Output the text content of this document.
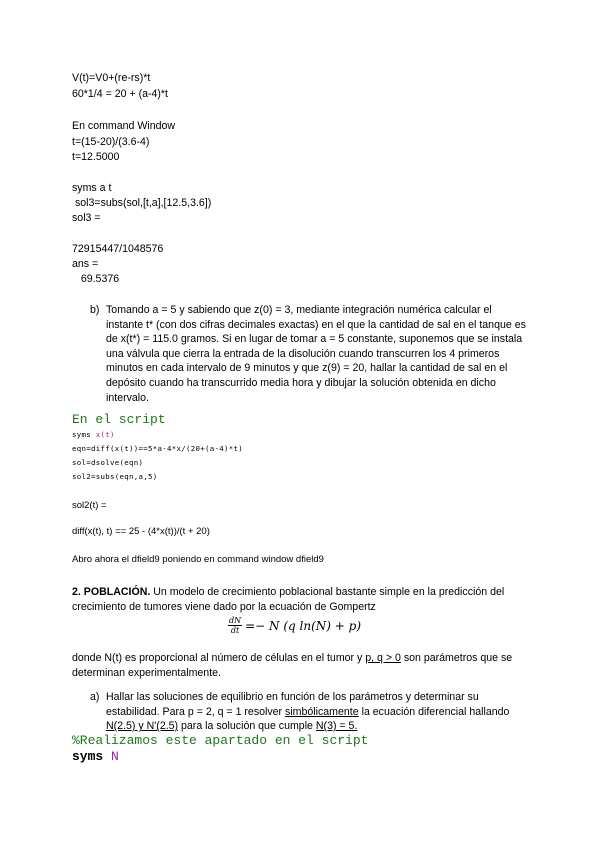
V(t)=V0+(re-rs)*t
60*1/4 = 20 + (a-4)*t
En command Window
t=(15-20)/(3.6-4)
t=12.5000
syms a t
sol3=subs(sol,[t,a],[12.5,3.6])
sol3 =
72915447/1048576
ans =
69.5376
b) Tomando a = 5 y sabiendo que z(0) = 3, mediante integración numérica calcular el instante t* (con dos cifras decimales exactas) en el que la cantidad de sal en el tanque es de x(t*) = 115.0 gramos. Si en lugar de tomar a = 5 constante, suponemos que se instala una válvula que cierra la entrada de la disolución cuando transcurren los 4 primeros minutos en cada intervalo de 9 minutos y que z(9) = 20, hallar la cantidad de sal en el depósito cuando ha transcurrido media hora y dibujar la solución obtenida en dicho intervalo.
En el script
syms x(t)
eqn=diff(x(t))==5*a-4*x/(20+(a-4)*t)
sol=dsolve(eqn)
sol2=subs(eqn,a,5)
sol2(t) =
diff(x(t), t) == 25 - (4*x(t))/(t + 20)
Abro ahora el dfield9 poniendo en command window dfield9
2. POBLACIÓN. Un modelo de crecimiento poblacional bastante simple en la predicción del crecimiento de tumores viene dado por la ecuación de Gompertz
$\frac{dN}{dt} =- N$ (q ln(N) + p)
donde N(t) es proporcional al número de células en el tumor y p, q > 0 son parámetros que se determinan experimentalmente.
a) Hallar las soluciones de equilibrio en función de los parámetros y determinar su estabilidad. Para p = 2, q = 1 resolver simbólicamente la ecuación diferencial hallando N(2.5) y N'(2.5) para la solución que cumple N(3) = 5.
%Realizamos este apartado en el script
syms N
